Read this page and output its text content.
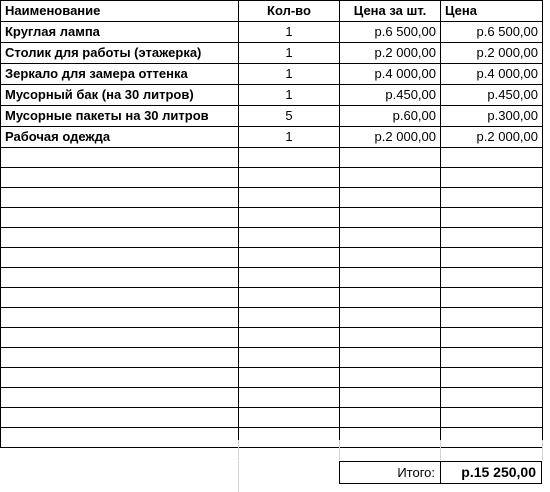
Наименование	Кол-во	Цена за шт.	Цена
Круглая лампа	1	р.6 500,00	р.6 500,00
Столик для работы (этажерка)	1	р.2 000,00	р.2 000,00
Зеркало для замера оттенка	1	р.4 000,00	р.4 000,00
Мусорный бак (на 30 литров)	1	р.450,00	р.450,00
Мусорные пакеты на 30 литров	5	р.60,00	р.300,00
Рабочая одежда	1	р.2 000,00	р.2 000,00

Итого:	р.15 250,00
